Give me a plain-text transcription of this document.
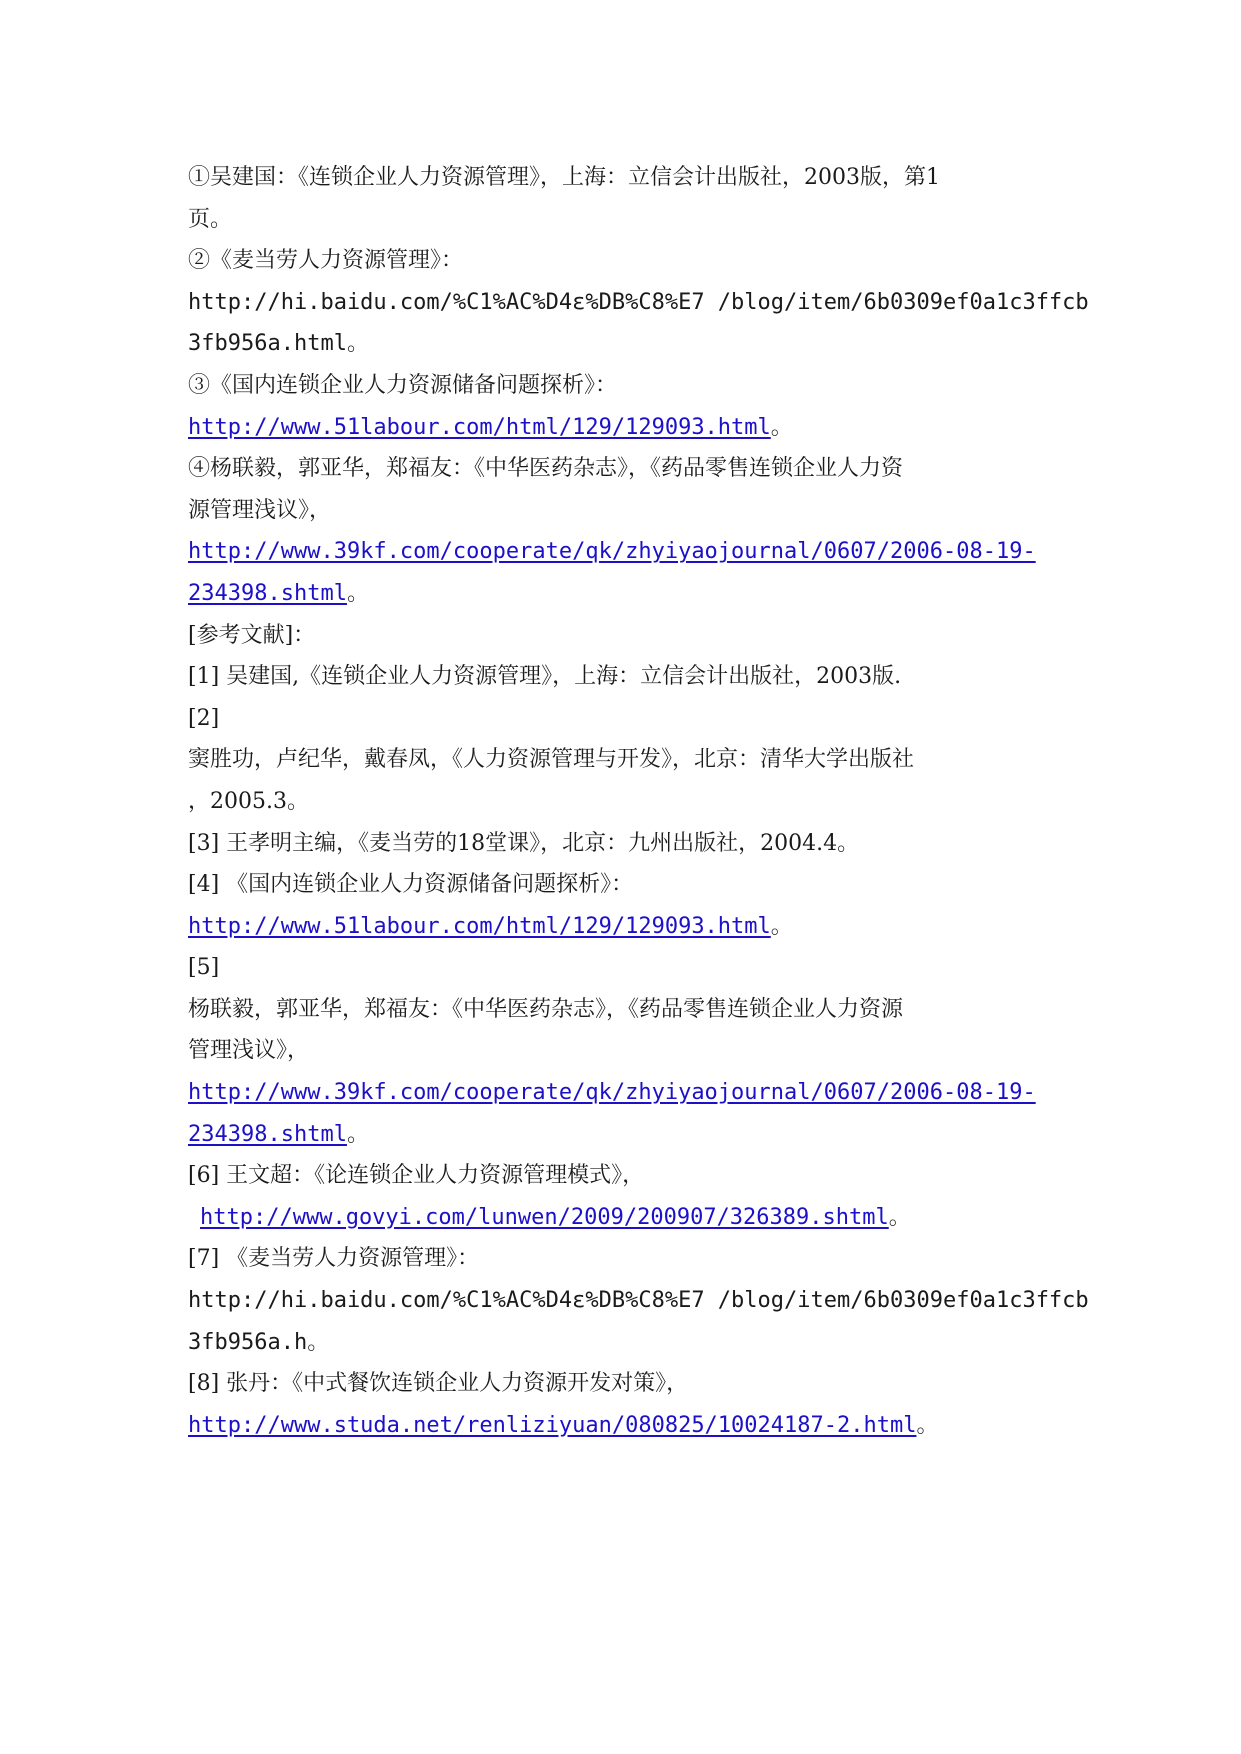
①吴建国：《连锁企业人力资源管理》，上海：立信会计出版社，2003版，第1
页。
②《麦当劳人力资源管理》：
http://hi.baidu.com/%C1%AC%D4ε%DB%C8%E7 /blog/item/6b0309ef0a1c3ffcb
3fb956a.html。
③《国内连锁企业人力资源储备问题探析》：
http://www.51labour.com/html/129/129093.html。
④杨联毅，郭亚华，郑福友：《中华医药杂志》，《药品零售连锁企业人力资
源管理浅议》，
http://www.39kf.com/cooperate/qk/zhyiyaojournal/0607/2006-08-19-
234398.shtml。
[参考文献]：
[1] 吴建国,《连锁企业人力资源管理》，上海：立信会计出版社，2003版.
[2]
窦胜功，卢纪华，戴春凤，《人力资源管理与开发》，北京：清华大学出版社
，2005.3。
[3] 王孝明主编，《麦当劳的18堂课》，北京：九州出版社，2004.4。
[4] 《国内连锁企业人力资源储备问题探析》：
http://www.51labour.com/html/129/129093.html。
[5]
杨联毅，郭亚华，郑福友：《中华医药杂志》，《药品零售连锁企业人力资源
管理浅议》，
http://www.39kf.com/cooperate/qk/zhyiyaojournal/0607/2006-08-19-
234398.shtml。
[6] 王文超：《论连锁企业人力资源管理模式》，
http://www.govyi.com/lunwen/2009/200907/326389.shtml。
[7] 《麦当劳人力资源管理》：
http://hi.baidu.com/%C1%AC%D4ε%DB%C8%E7 /blog/item/6b0309ef0a1c3ffcb
3fb956a.h。
[8] 张丹：《中式餐饮连锁企业人力资源开发对策》，
http://www.studa.net/renliziyuan/080825/10024187-2.html。
